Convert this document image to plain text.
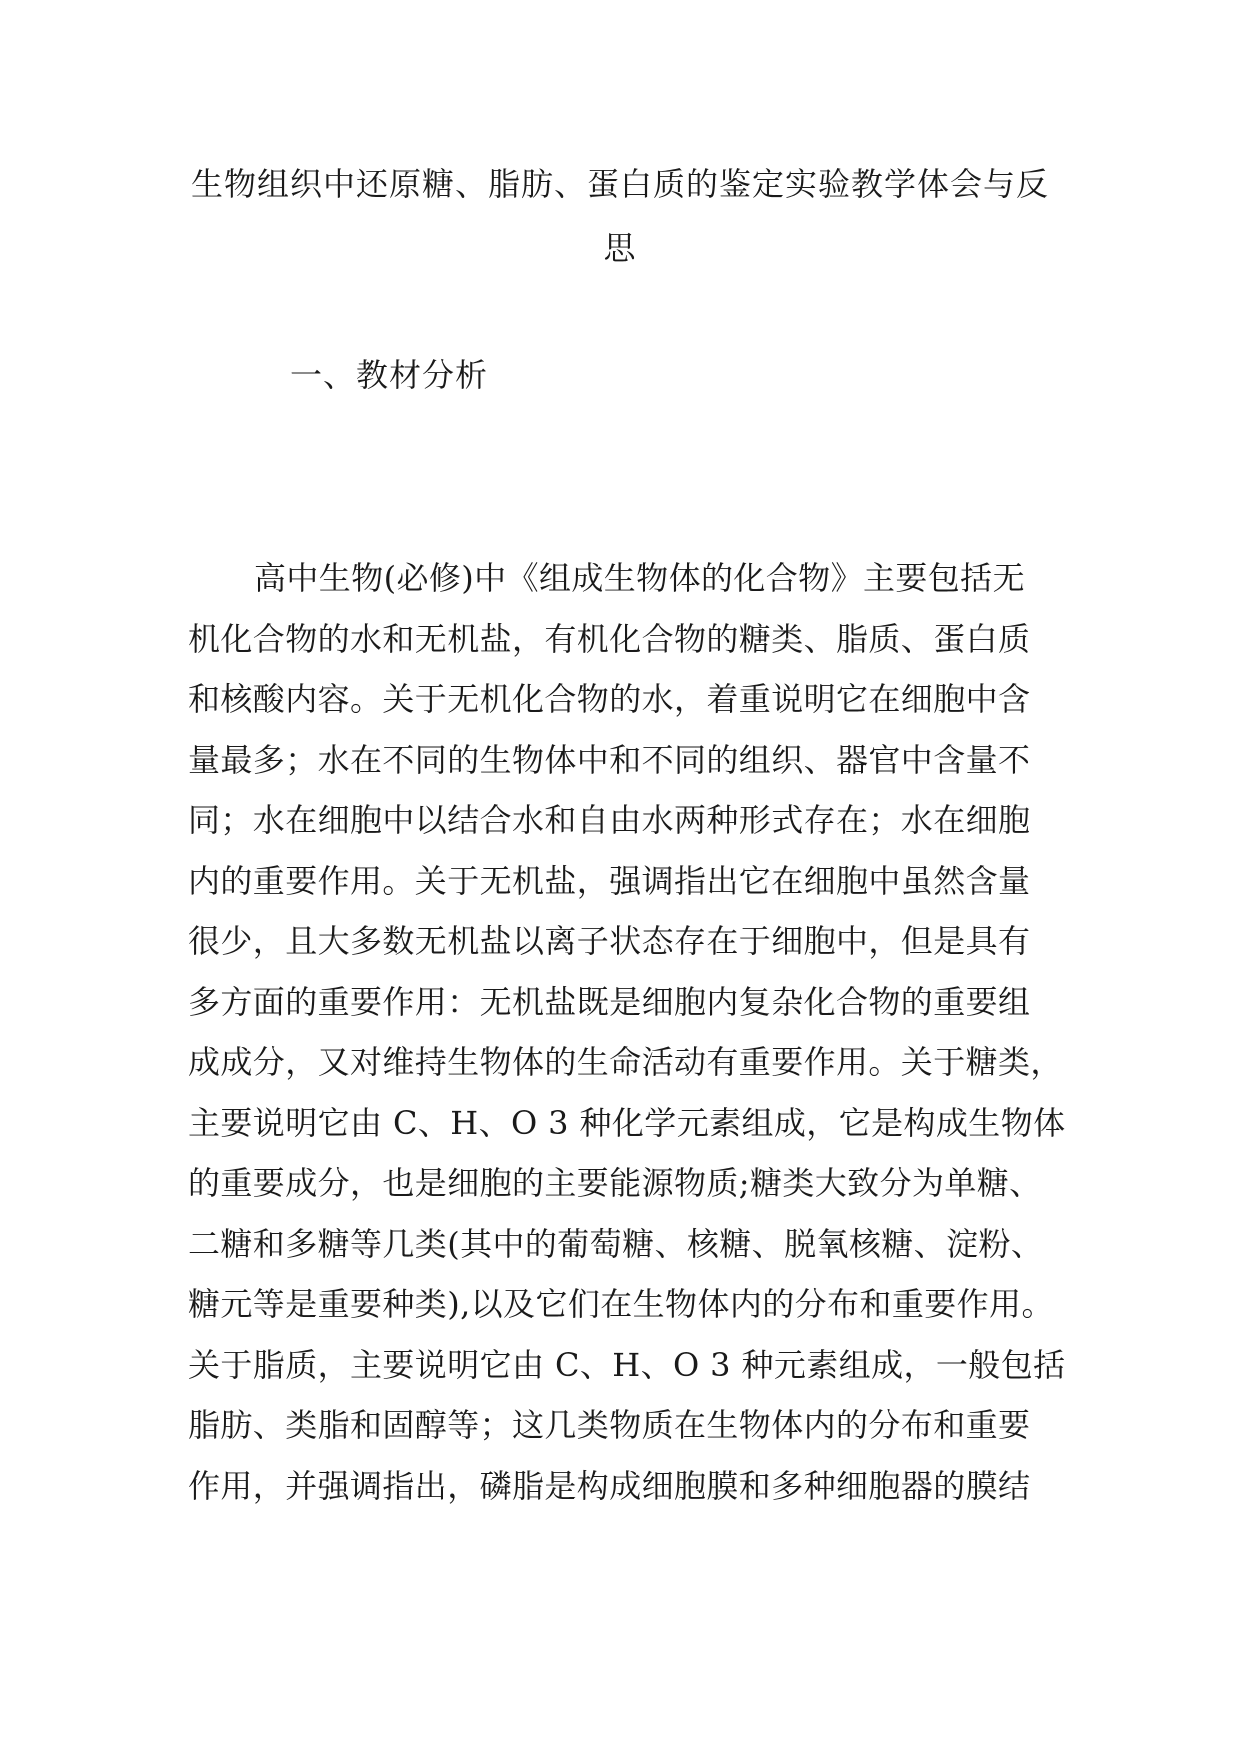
生物组织中还原糖、脂肪、蛋白质的鉴定实验教学体会与反
思
一、教材分析

高中生物(必修)中《组成生物体的化合物》主要包括无
机化合物的水和无机盐，有机化合物的糖类、脂质、蛋白质
和核酸内容。关于无机化合物的水，着重说明它在细胞中含
量最多；水在不同的生物体中和不同的组织、器官中含量不
同；水在细胞中以结合水和自由水两种形式存在；水在细胞
内的重要作用。关于无机盐，强调指出它在细胞中虽然含量
很少，且大多数无机盐以离子状态存在于细胞中，但是具有
多方面的重要作用：无机盐既是细胞内复杂化合物的重要组
成成分，又对维持生物体的生命活动有重要作用。关于糖类，
主要说明它由 C、H、O 3 种化学元素组成，它是构成生物体
的重要成分，也是细胞的主要能源物质;糖类大致分为单糖、
二糖和多糖等几类(其中的葡萄糖、核糖、脱氧核糖、淀粉、
糖元等是重要种类),以及它们在生物体内的分布和重要作用。
关于脂质，主要说明它由 C、H、O 3 种元素组成，一般包括
脂肪、类脂和固醇等；这几类物质在生物体内的分布和重要
作用，并强调指出，磷脂是构成细胞膜和多种细胞器的膜结
